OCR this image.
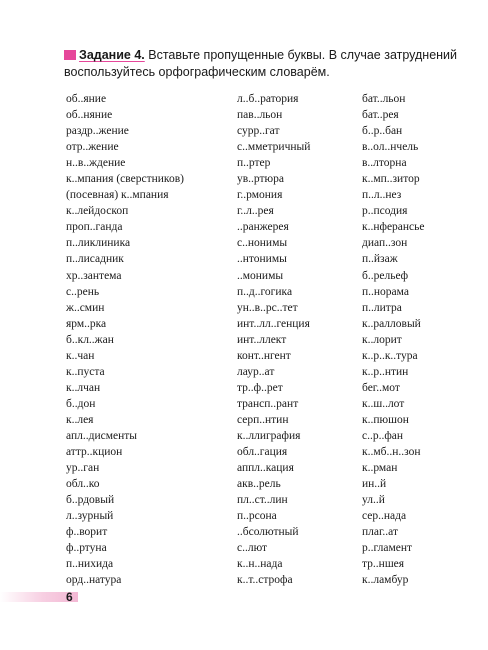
Задание 4. Вставьте пропущенные буквы. В случае затруднений воспользуйтесь орфографическим словарём.
об..яние
об..няние
раздр..жение
отр..жение
н..в..ждение
к..мпания (сверстников)
(посевная) к..мпания
к..лейдоскоп
проп..ганда
п..ликлиника
п..лисадник
хр..зантема
с..рень
ж..смин
ярм..рка
б..кл..жан
к..чан
к..пуста
к..лчан
б..дон
к..лея
апл..дисменты
аттр..кцион
ур..ган
обл..ко
б..рдовый
л..зурный
ф..ворит
ф..ртуна
п..нихида
орд..натура
л..б..ратория
пав..льон
сурр..гат
с..мметричный
п..ртер
ув..ртюра
г..рмония
г..л..рея
..ранжерея
с..нонимы
..нтонимы
..монимы
п..д..гогика
ун..в..рс..тет
инт..лл..генция
инт..ллект
конт..нгент
лаур..ат
тр..ф..рет
трансп..рант
серп..нтин
к..ллиграфия
обл..гация
аппл..кация
акв..рель
пл..ст..лин
п..рсона
..бсолютный
с..лют
к..н..нада
к..т..строфа
бат..льон
бат..рея
б..р..бан
в..ол..нчель
в..лторна
к..мп..зитор
п..л..нез
р..псодия
к..нферансье
диап..зон
п..йзаж
б..рельеф
п..норама
п..литра
к..ралловый
к..лорит
к..р..к..тура
к..р..нтин
бег..мот
к..ш..лот
к..пюшон
с..р..фан
к..мб..н..зон
к..рман
ин..й
ул..й
сер..нада
плаг..ат
р..гламент
тр..ншея
к..ламбур
6
